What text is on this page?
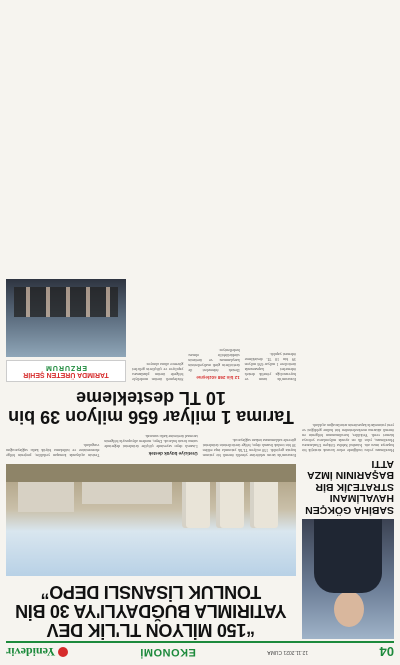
04
12.11.2021 CUMA
EKONOMİ
Yenidevir
SABİHA GÖKÇEN HAVALİMANI STRATEJİK BİR BAŞARININ İMZA ATTI
Havalimanı yolcu trafiğinde rekor kırarak stratejik bir başarıya imza attı. İstanbul Sabiha Gökçen Uluslararası Havalimanı, yılın ilk on ayında milyonlarca yolcuya hizmet verdi. Yetkililer, havalimanının bölgenin en önemli aktarma merkezlerinden biri haline geldiğini ve yeni yatırımlarla kapasitenin artırılacağını açıkladı.
“150 MİLYON TL'LİK DEV YATIRIMLA BUĞDAYLI'YA 30 BİN TONLUK LİSANSLI DEPO”
Erzurum'da tarım sektörüne yönelik önemli bir yatırım hayata geçirildi. 150 milyon TL'lik yatırımla inşa edilen 30 bin tonluk lisanslı depo, bölge üreticilerinin ürünlerini güvenle saklamasına imkan sağlayacak.
Üreticiye büyük destek
Lisanslı depo sayesinde çiftçiler ürünlerini değerinde satma fırsatı bulacak. Depo, modern altyapısıyla bölgenin tarımsal üretimine katkı sunacak.
Tesisin açılışında konuşan yetkililer, projenin bölge ekonomisine ve istihdama büyük katkı sağlayacağını vurguladı.
Tarıma 1 milyar 656 milyon 39 bin 10 TL destekleme
Erzurum'da tarım ve hayvancılığa yönelik destek ödemeleri kapsamında üreticilere 1 milyar 656 milyon 39 bin 10 TL destekleme ödemesi yapıldı.
12 bin 268 sözleşme
Destek ödemeleri ile üreticilerin girdi maliyetlerinin karşılanması ve üretimin sürdürülebilir olması hedefleniyor.
Sözleşmeli üretim modeliyle bölgede üretim planlaması yapılıyor ve çiftçilerin gelirleri güvence altına alınıyor.
TARIMDA ÜRETEN ŞEHİR
ERZURUM
